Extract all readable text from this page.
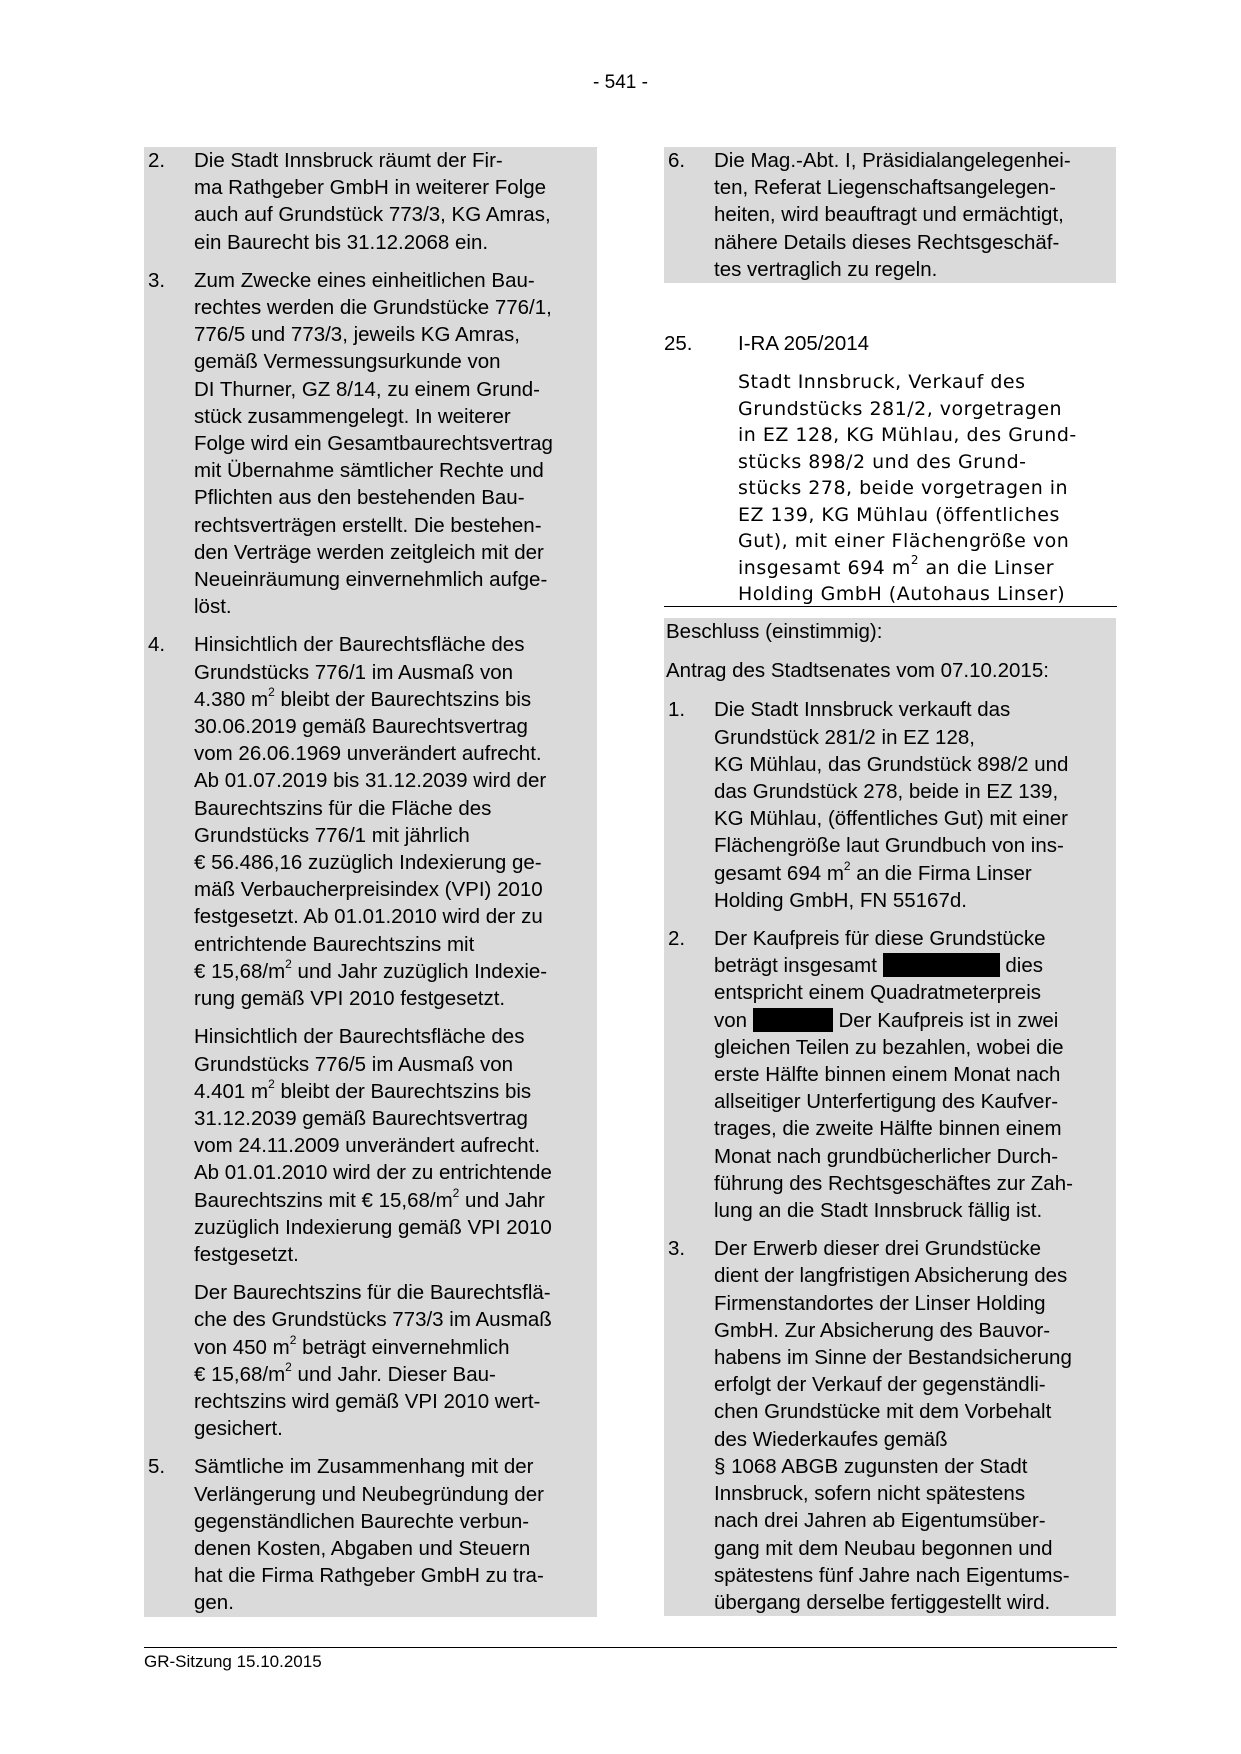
- 541 -
2. Die Stadt Innsbruck räumt der Fir-
ma Rathgeber GmbH in weiterer Folge
auch auf Grundstück 773/3, KG Amras,
ein Baurecht bis 31.12.2068 ein.
3. Zum Zwecke eines einheitlichen Bau-
rechtes werden die Grundstücke 776/1,
776/5 und 773/3, jeweils KG Amras,
gemäß Vermessungsurkunde von
DI Thurner, GZ 8/14, zu einem Grund-
stück zusammengelegt. In weiterer
Folge wird ein Gesamtbaurechtsvertrag
mit Übernahme sämtlicher Rechte und
Pflichten aus den bestehenden Bau-
rechtsverträgen erstellt. Die bestehen-
den Verträge werden zeitgleich mit der
Neueinräumung einvernehmlich aufge-
löst.
4. Hinsichtlich der Baurechtsfläche des
Grundstücks 776/1 im Ausmaß von
4.380 $m^2$ bleibt der Baurechtszins bis
30.06.2019 gemäß Baurechtsvertrag
vom 26.06.1969 unverändert aufrecht.
Ab 01.07.2019 bis 31.12.2039 wird der
Baurechtszins für die Fläche des
Grundstücks 776/1 mit jährlich
€ 56.486,16 zuzüglich Indexierung ge-
mäß Verbaucherpreisindex (VPI) 2010
festgesetzt. Ab 01.01.2010 wird der zu
entrichtende Baurechtszins mit
€ $15,68/m^2$ und Jahr zuzüglich Indexie-
rung gemäß VPI 2010 festgesetzt.
Hinsichtlich der Baurechtsfläche des
Grundstücks 776/5 im Ausmaß von
4.401 $m^2$ bleibt der Baurechtszins bis
31.12.2039 gemäß Baurechtsvertrag
vom 24.11.2009 unverändert aufrecht.
Ab 01.01.2010 wird der zu entrichtende
Baurechtszins mit € $15,68/m^2$ und Jahr
zuzüglich Indexierung gemäß VPI 2010
festgesetzt.
Der Baurechtszins für die Baurechtsflä-
che des Grundstücks 773/3 im Ausmaß
von 450 $m^2$ beträgt einvernehmlich
€ $15,68/m^2$ und Jahr. Dieser Bau-
rechtszins wird gemäß VPI 2010 wert-
gesichert.
5. Sämtliche im Zusammenhang mit der
Verlängerung und Neubegründung der
gegenständlichen Baurechte verbun-
denen Kosten, Abgaben und Steuern
hat die Firma Rathgeber GmbH zu tra-
gen.
6. Die Mag.-Abt. I, Präsidialangelegenhei-
ten, Referat Liegenschaftsangelegen-
heiten, wird beauftragt und ermächtigt,
nähere Details dieses Rechtsgeschäf-
tes vertraglich zu regeln.
25. I-RA 205/2014
Stadt Innsbruck, Verkauf des
Grundstücks 281/2, vorgetragen
in EZ 128, KG Mühlau, des Grund-
stücks 898/2 und des Grund-
stücks 278, beide vorgetragen in
EZ 139, KG Mühlau (öffentliches
Gut), mit einer Flächengröße von
insgesamt 694 $m^2$ an die Linser
Holding GmbH (Autohaus Linser)
Beschluss (einstimmig):
Antrag des Stadtsenates vom 07.10.2015:
1. Die Stadt Innsbruck verkauft das
Grundstück 281/2 in EZ 128,
KG Mühlau, das Grundstück 898/2 und
das Grundstück 278, beide in EZ 139,
KG Mühlau, (öffentliches Gut) mit einer
Flächengröße laut Grundbuch von ins-
gesamt 694 $m^2$ an die Firma Linser
Holding GmbH, FN 55167d.
2. Der Kaufpreis für diese Grundstücke
beträgt insgesamt	dies
entspricht einem Quadratmeterpreis
von	Der Kaufpreis ist in zwei
gleichen Teilen zu bezahlen, wobei die
erste Hälfte binnen einem Monat nach
allseitiger Unterfertigung des Kaufver-
trages, die zweite Hälfte binnen einem
Monat nach grundbücherlicher Durch-
führung des Rechtsgeschäftes zur Zah-
lung an die Stadt Innsbruck fällig ist.
3. Der Erwerb dieser drei Grundstücke
dient der langfristigen Absicherung des
Firmenstandortes der Linser Holding
GmbH. Zur Absicherung des Bauvor-
habens im Sinne der Bestandsicherung
erfolgt der Verkauf der gegenständli-
chen Grundstücke mit dem Vorbehalt
des Wiederkaufes gemäß
§ 1068 ABGB zugunsten der Stadt
Innsbruck, sofern nicht spätestens
nach drei Jahren ab Eigentumsüber-
gang mit dem Neubau begonnen und
spätestens fünf Jahre nach Eigentums-
übergang derselbe fertiggestellt wird.
GR-Sitzung 15.10.2015
